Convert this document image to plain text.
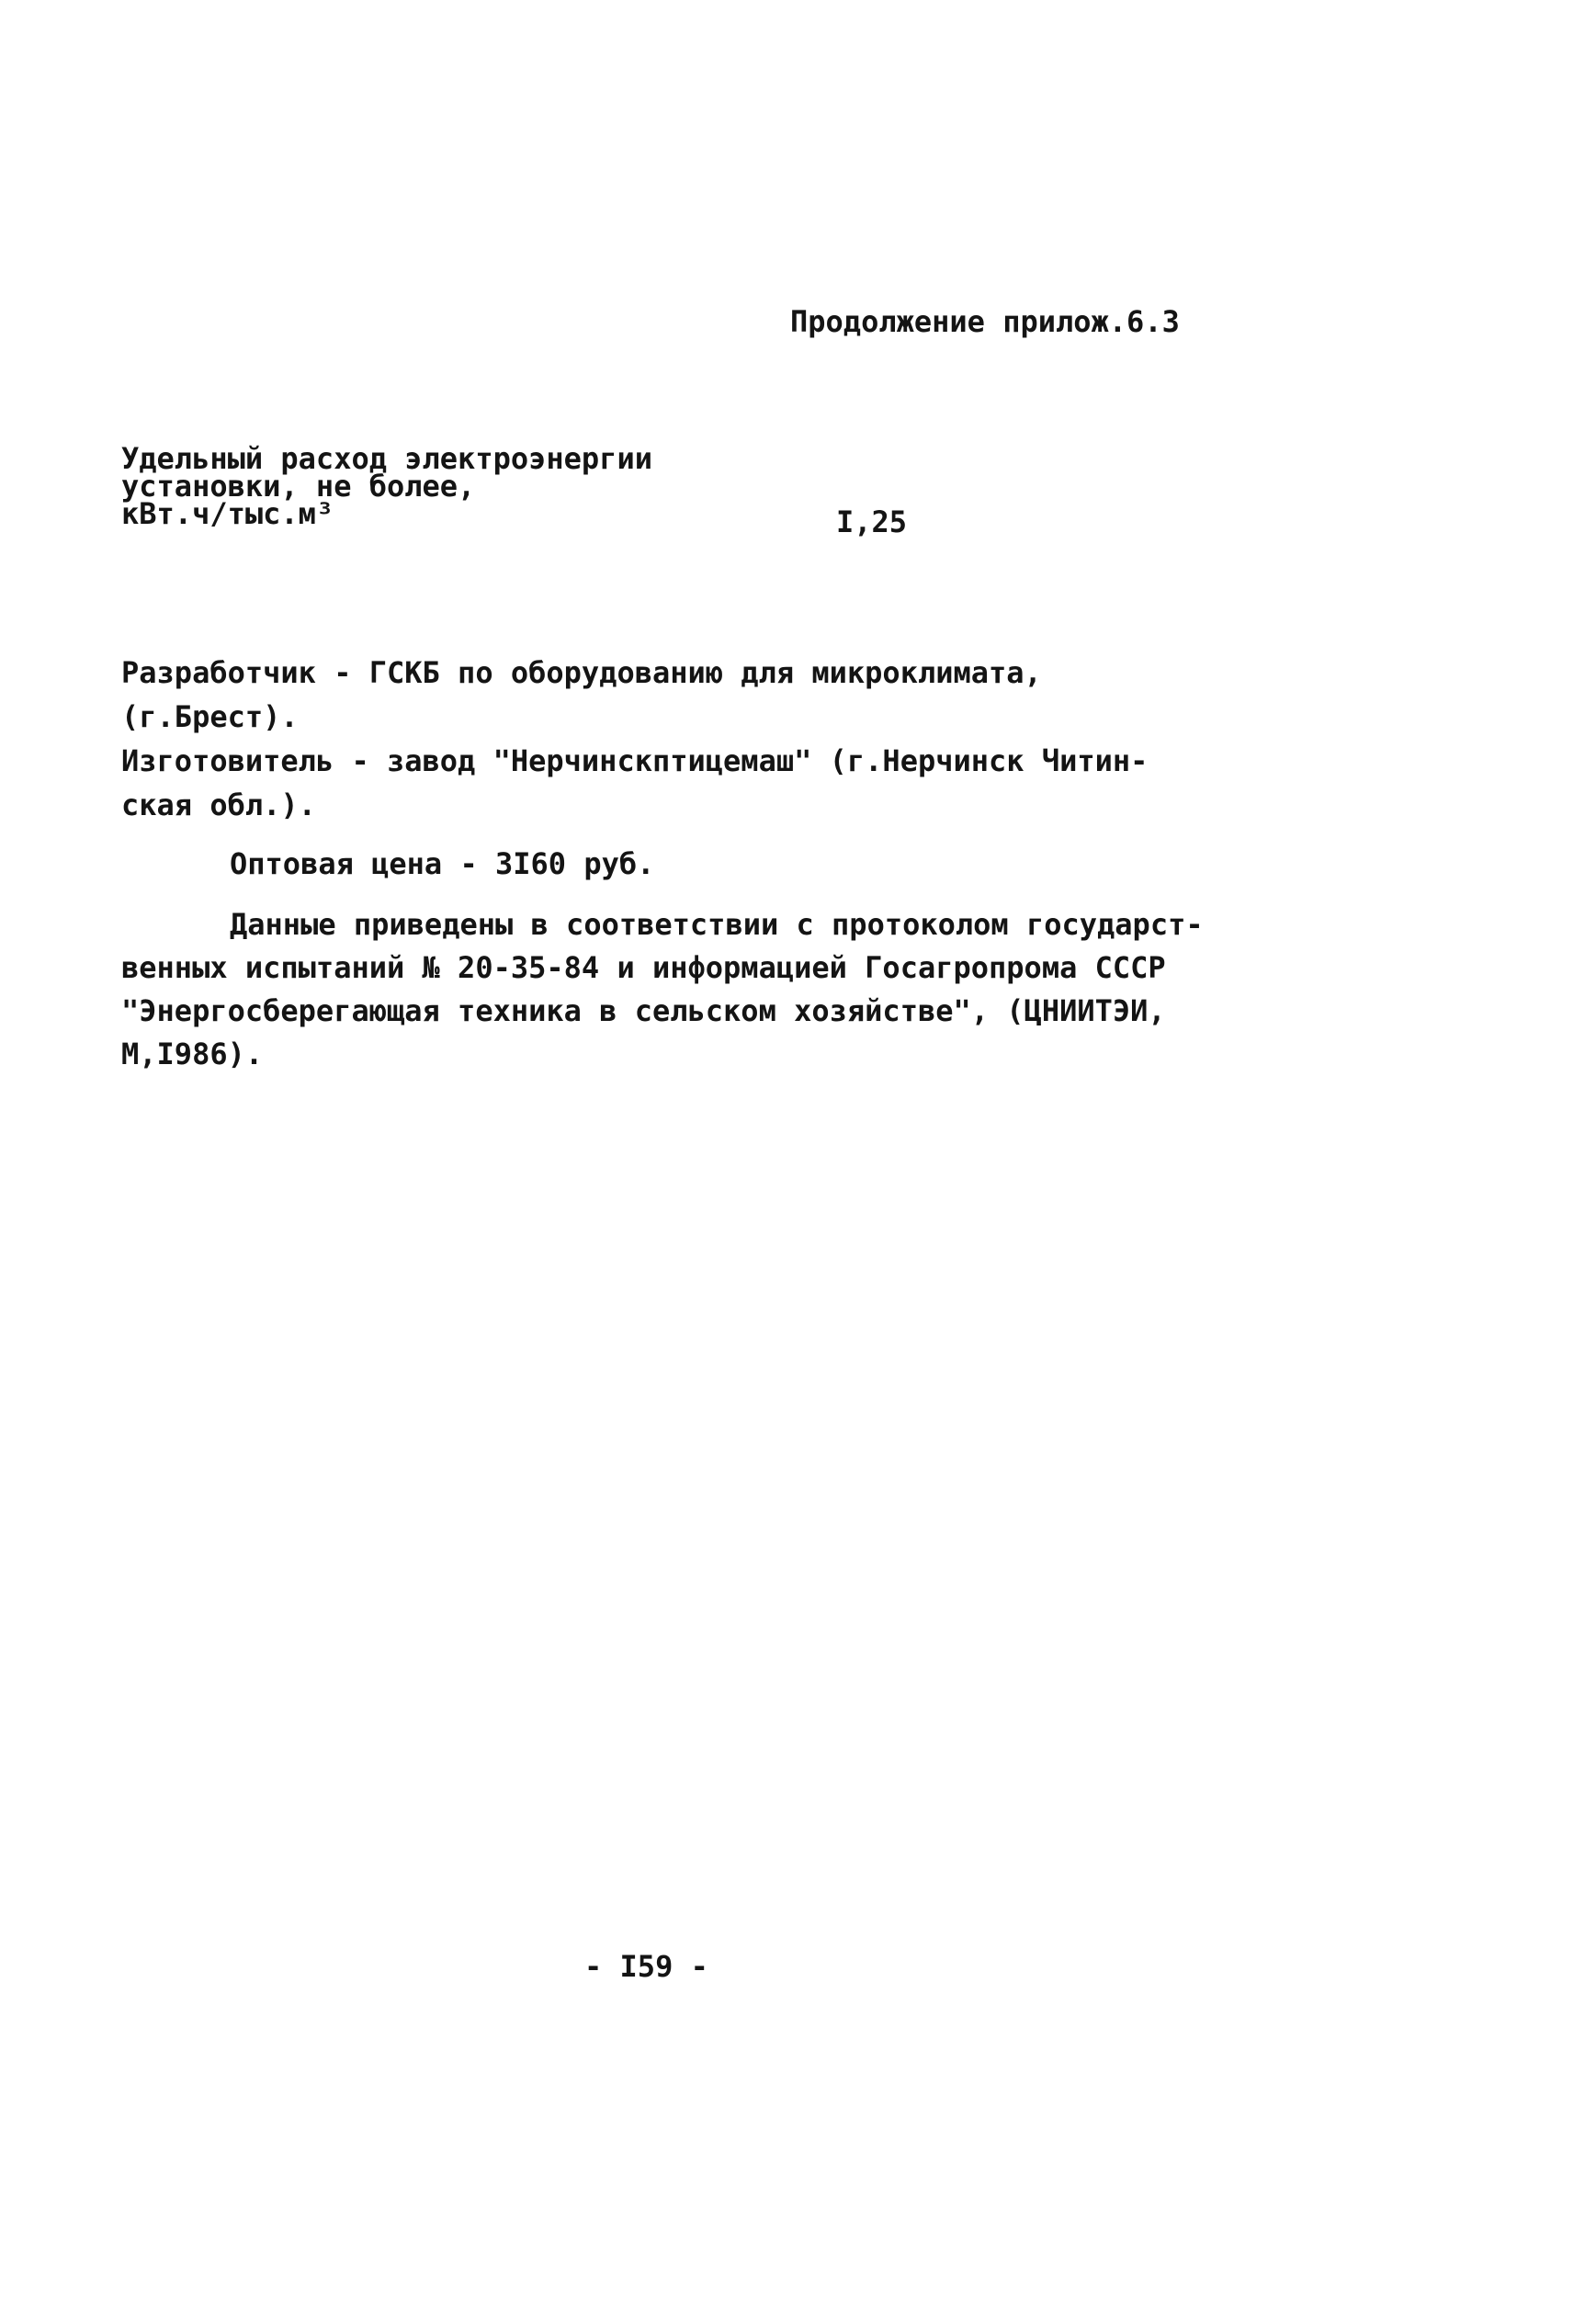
Продолжение прилож.6.3
Удельный расход электроэнергии
установки, не более,
кВт.ч/тыс.м³	I,25
Разработчик - ГСКБ по оборудованию для микроклимата,
(г.Брест).
Изготовитель - завод "Нерчинскптицемаш" (г.Нерчинск Читин-
ская обл.).
Оптовая цена - 3I60 руб.
Данные приведены в соответствии с протоколом государст-
венных испытаний № 20-35-84 и информацией Госагропрома СССР
"Энергосберегающая техника в сельском хозяйстве", (ЦНИИТЭИ,
М,I986).
- I59 -
